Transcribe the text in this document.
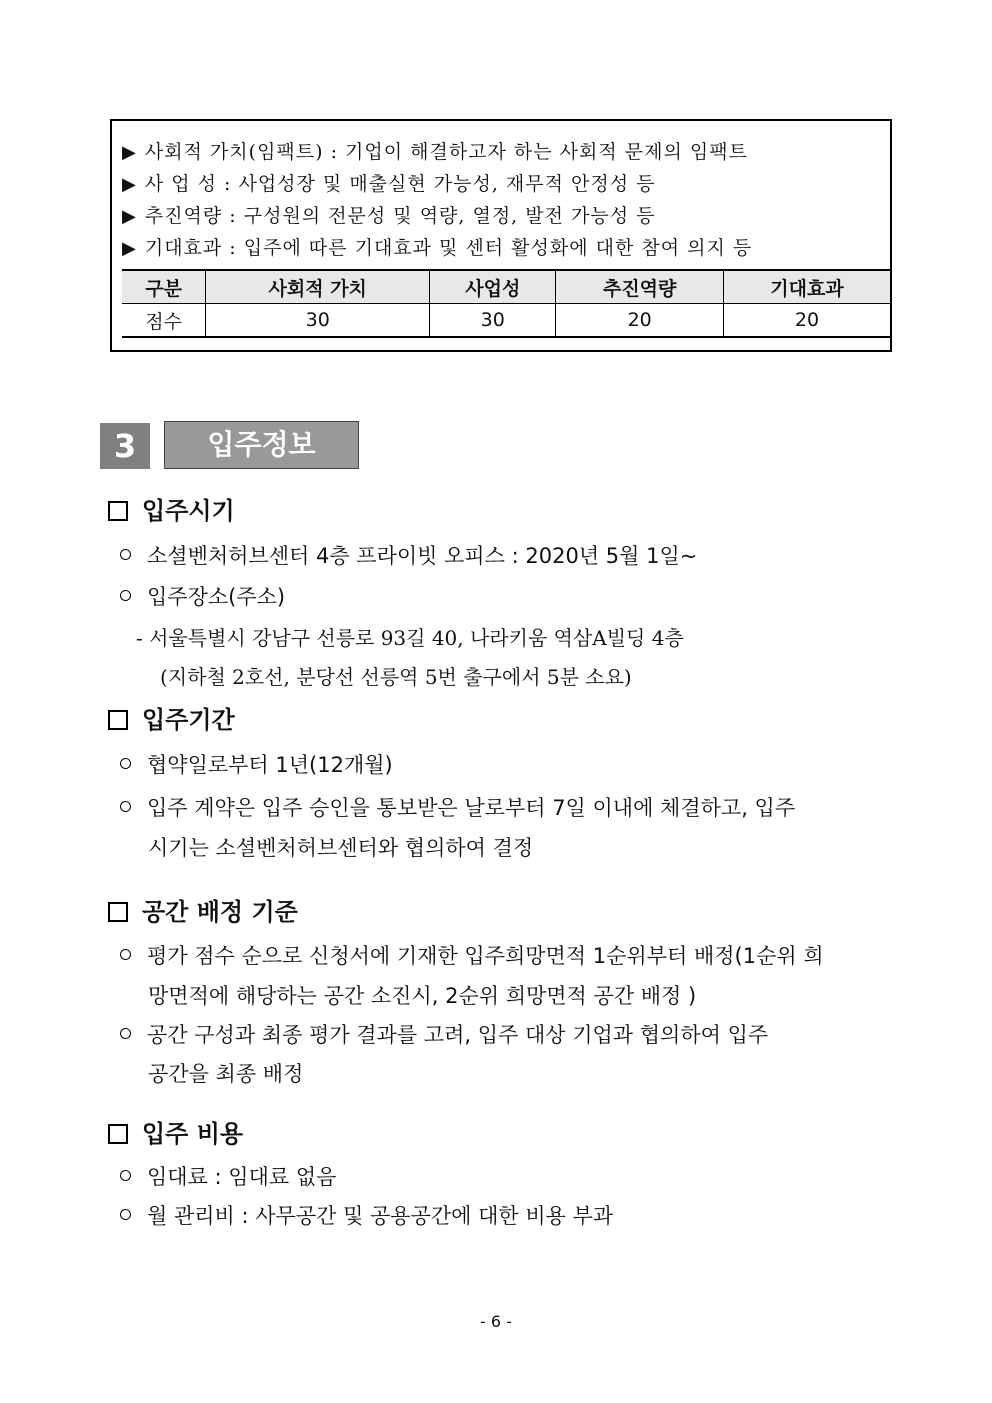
▶ 사회적 가치(임팩트) : 기업이 해결하고자 하는 사회적 문제의 임팩트
▶ 사 업 성 : 사업성장 및 매출실현 가능성, 재무적 안정성 등
▶ 추진역량 : 구성원의 전문성 및 역량, 열정, 발전 가능성 등
▶ 기대효과 : 입주에 따른 기대효과 및 센터 활성화에 대한 참여 의지 등
구분	사회적 가치	사업성	추진역량	기대효과
점수	30	30	20	20
3	입주정보
입주시기
소셜벤처허브센터 4층 프라이빗 오피스 : 2020년 5월 1일~
입주장소(주소)
- 서울특별시 강남구 선릉로 93길 40, 나라키움 역삼A빌딩 4층
(지하철 2호선, 분당선 선릉역 5번 출구에서 5분 소요)
입주기간
협약일로부터 1년(12개월)
입주 계약은 입주 승인을 통보받은 날로부터 7일 이내에 체결하고, 입주
시기는 소셜벤처허브센터와 협의하여 결정
공간 배정 기준
평가 점수 순으로 신청서에 기재한 입주희망면적 1순위부터 배정(1순위 희
망면적에 해당하는 공간 소진시, 2순위 희망면적 공간 배정 )
공간 구성과 최종 평가 결과를 고려, 입주 대상 기업과 협의하여 입주
공간을 최종 배정
입주 비용
임대료 : 임대료 없음
월 관리비 : 사무공간 및 공용공간에 대한 비용 부과
- 6 -
